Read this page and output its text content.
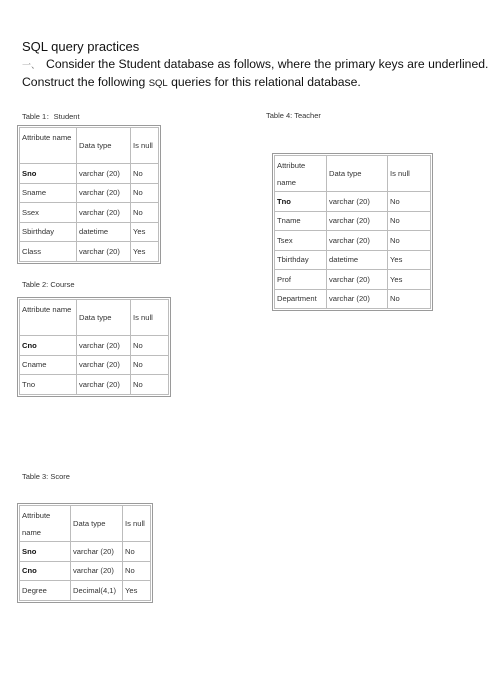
SQL query practices
一、 Consider the Student database as follows, where the primary keys are underlined.
Construct the following SQL queries for this relational database.
Table 1：Student
Attribute name	Data type	Is null
Sno	varchar (20)	No
Sname	varchar (20)	No
Ssex	varchar (20)	No
Sbirthday	datetime	Yes
Class	varchar (20)	Yes
Table 2: Course
Attribute name	Data type	Is null
Cno	varchar (20)	No
Cname	varchar (20)	No
Tno	varchar (20)	No
Table 3: Score
Attribute name	Data type	Is null
Sno	varchar (20)	No
Cno	varchar (20)	No
Degree	Decimal(4,1)	Yes
Table 4: Teacher
Attribute name	Data type	Is null
Tno	varchar (20)	No
Tname	varchar (20)	No
Tsex	varchar (20)	No
Tbirthday	datetime	Yes
Prof	varchar (20)	Yes
Department	varchar (20)	No
